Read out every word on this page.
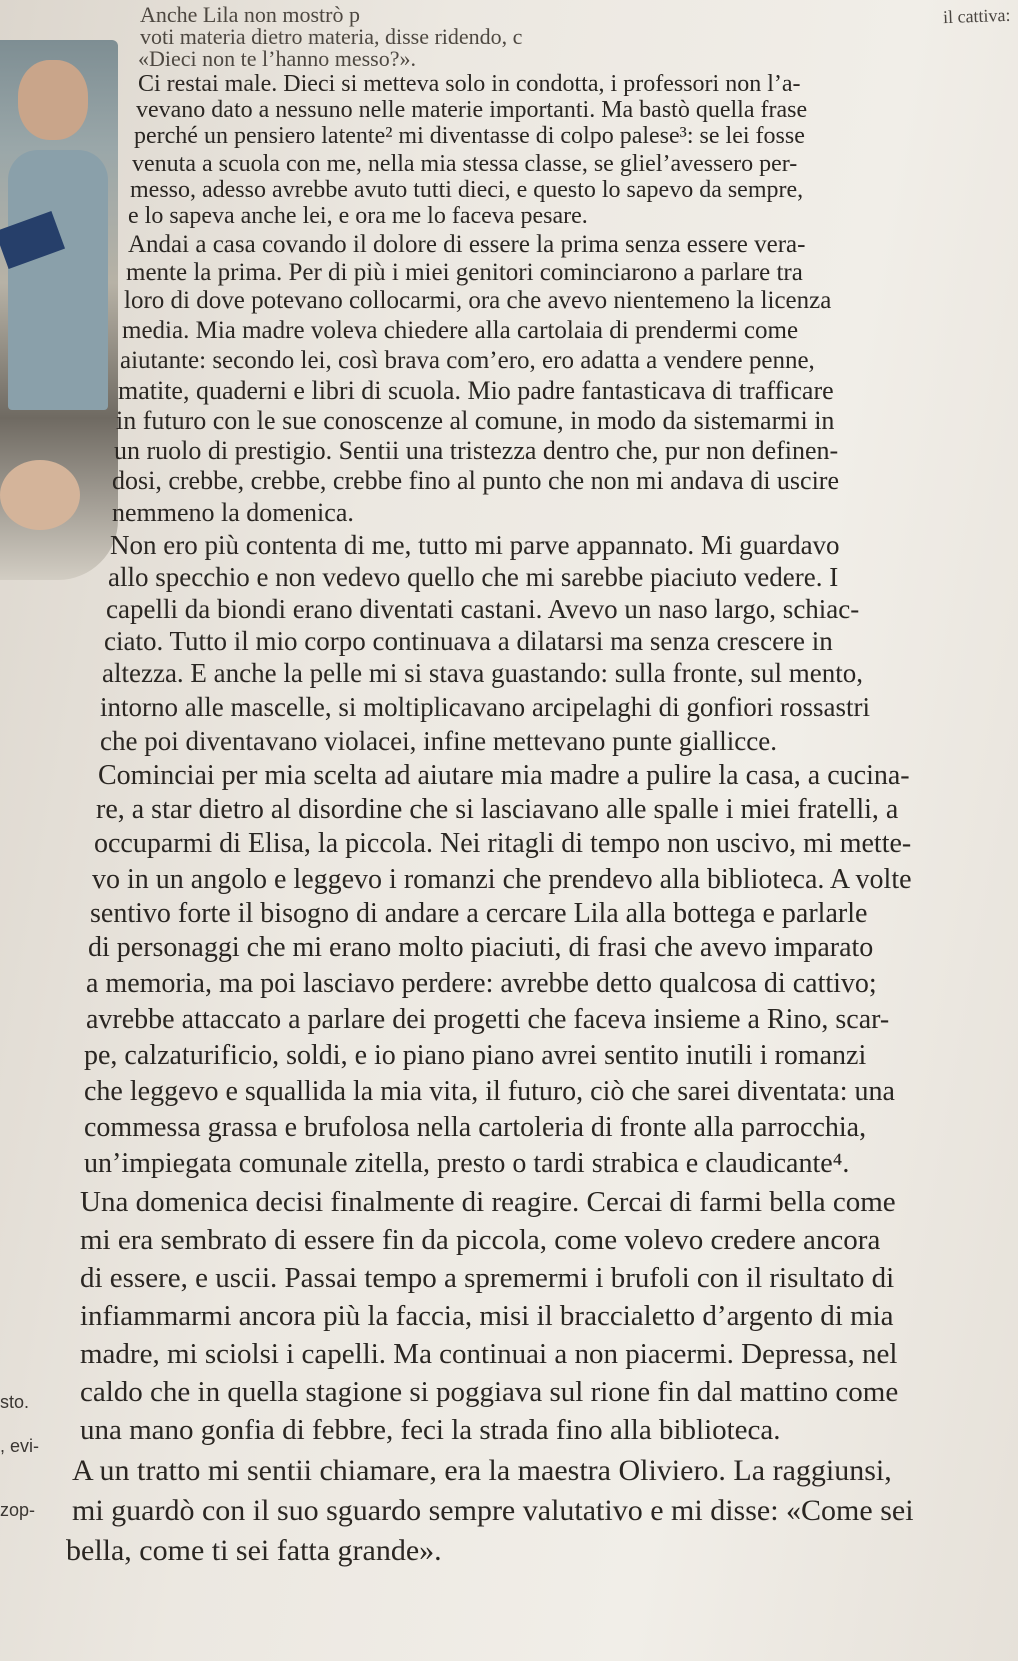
il cattiva:
sto.
, evi-
zop-
Anche Lila non mostrò p
voti materia dietro materia, disse ridendo, c
«Dieci non te l’hanno messo?».
Ci restai male. Dieci si metteva solo in condotta, i professori non l’a-
vevano dato a nessuno nelle materie importanti. Ma bastò quella frase
perché un pensiero latente² mi diventasse di colpo palese³: se lei fosse
venuta a scuola con me, nella mia stessa classe, se gliel’avessero per-
messo, adesso avrebbe avuto tutti dieci, e questo lo sapevo da sempre,
e lo sapeva anche lei, e ora me lo faceva pesare.
Andai a casa covando il dolore di essere la prima senza essere vera-
mente la prima. Per di più i miei genitori cominciarono a parlare tra
loro di dove potevano collocarmi, ora che avevo nientemeno la licenza
media. Mia madre voleva chiedere alla cartolaia di prendermi come
aiutante: secondo lei, così brava com’ero, ero adatta a vendere penne,
matite, quaderni e libri di scuola. Mio padre fantasticava di trafficare
in futuro con le sue conoscenze al comune, in modo da sistemarmi in
un ruolo di prestigio. Sentii una tristezza dentro che, pur non definen-
dosi, crebbe, crebbe, crebbe fino al punto che non mi andava di uscire
nemmeno la domenica.
Non ero più contenta di me, tutto mi parve appannato. Mi guardavo
allo specchio e non vedevo quello che mi sarebbe piaciuto vedere. I
capelli da biondi erano diventati castani. Avevo un naso largo, schiac-
ciato. Tutto il mio corpo continuava a dilatarsi ma senza crescere in
altezza. E anche la pelle mi si stava guastando: sulla fronte, sul mento,
intorno alle mascelle, si moltiplicavano arcipelaghi di gonfiori rossastri
che poi diventavano violacei, infine mettevano punte giallicce.
Cominciai per mia scelta ad aiutare mia madre a pulire la casa, a cucina-
re, a star dietro al disordine che si lasciavano alle spalle i miei fratelli, a
occuparmi di Elisa, la piccola. Nei ritagli di tempo non uscivo, mi mette-
vo in un angolo e leggevo i romanzi che prendevo alla biblioteca. A volte
sentivo forte il bisogno di andare a cercare Lila alla bottega e parlarle
di personaggi che mi erano molto piaciuti, di frasi che avevo imparato
a memoria, ma poi lasciavo perdere: avrebbe detto qualcosa di cattivo;
avrebbe attaccato a parlare dei progetti che faceva insieme a Rino, scar-
pe, calzaturificio, soldi, e io piano piano avrei sentito inutili i romanzi
che leggevo e squallida la mia vita, il futuro, ciò che sarei diventata: una
commessa grassa e brufolosa nella cartoleria di fronte alla parrocchia,
un’impiegata comunale zitella, presto o tardi strabica e claudicante⁴.
Una domenica decisi finalmente di reagire. Cercai di farmi bella come
mi era sembrato di essere fin da piccola, come volevo credere ancora
di essere, e uscii. Passai tempo a spremermi i brufoli con il risultato di
infiammarmi ancora più la faccia, misi il braccialetto d’argento di mia
madre, mi sciolsi i capelli. Ma continuai a non piacermi. Depressa, nel
caldo che in quella stagione si poggiava sul rione fin dal mattino come
una mano gonfia di febbre, feci la strada fino alla biblioteca.
A un tratto mi sentii chiamare, era la maestra Oliviero. La raggiunsi,
mi guardò con il suo sguardo sempre valutativo e mi disse: «Come sei
bella, come ti sei fatta grande».
